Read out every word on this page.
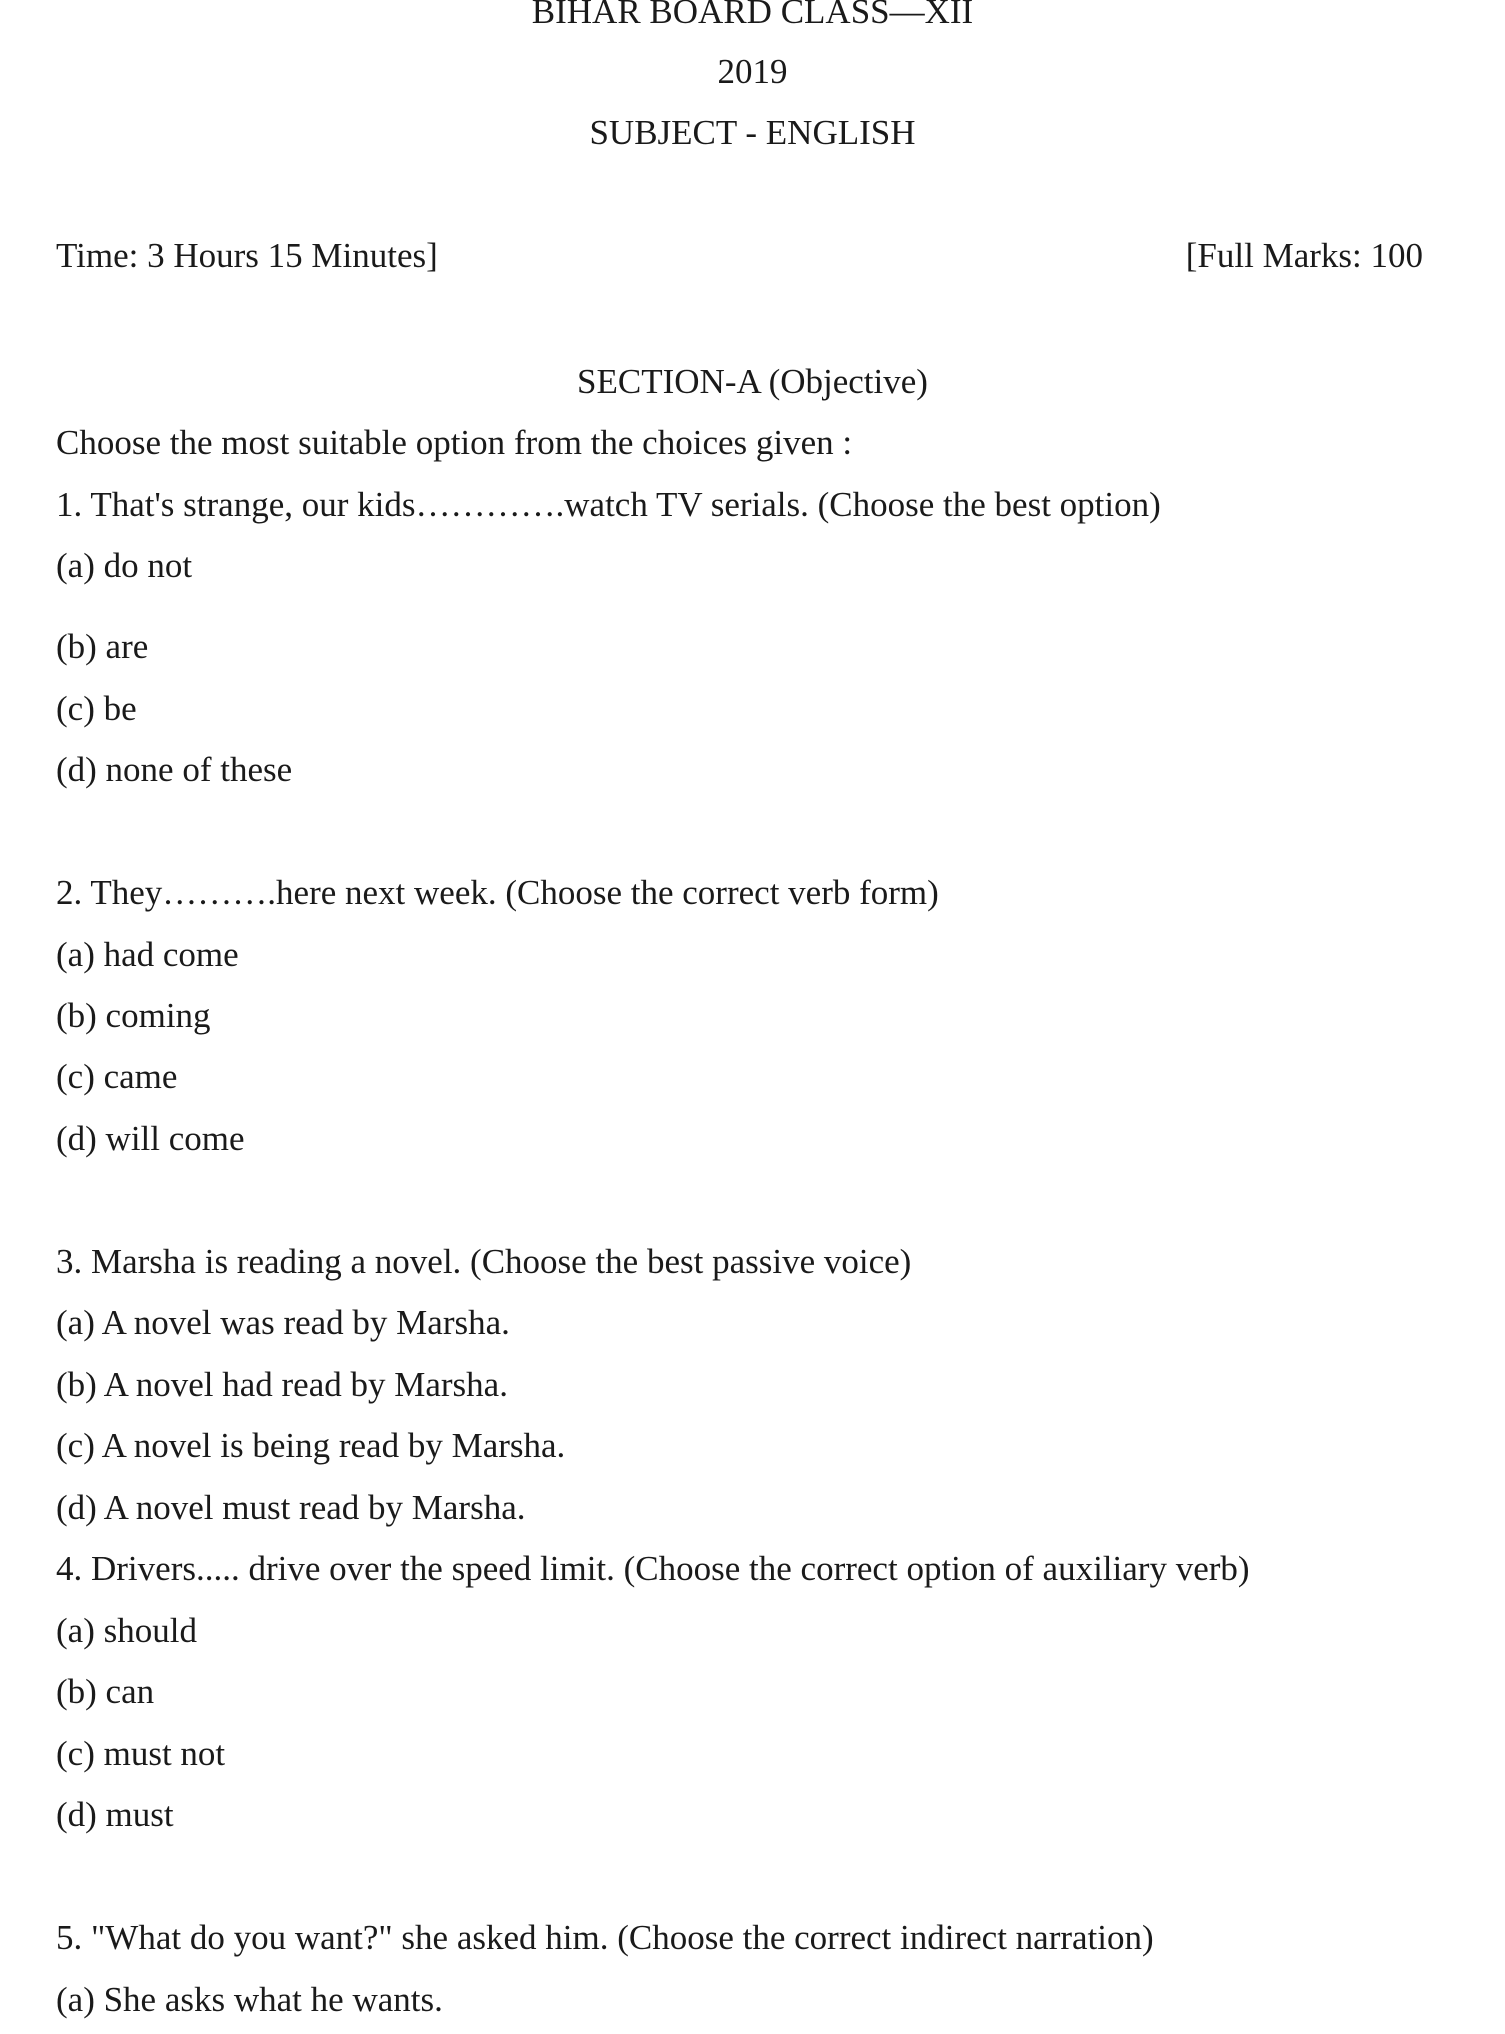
BIHAR BOARD CLASS—XII
2019
SUBJECT - ENGLISH
Time: 3 Hours 15 Minutes]	[Full Marks: 100
SECTION-A (Objective)
Choose the most suitable option from the choices given :
1. That's strange, our kids………….watch TV serials. (Choose the best option)
(a) do not
(b) are
(c) be
(d) none of these
2. They……….here next week. (Choose the correct verb form)
(a) had come
(b) coming
(c) came
(d) will come
3. Marsha is reading a novel. (Choose the best passive voice)
(a) A novel was read by Marsha.
(b) A novel had read by Marsha.
(c) A novel is being read by Marsha.
(d) A novel must read by Marsha.
4. Drivers..... drive over the speed limit. (Choose the correct option of auxiliary verb)
(a) should
(b) can
(c) must not
(d) must
5. "What do you want?" she asked him. (Choose the correct indirect narration)
(a) She asks what he wants.
